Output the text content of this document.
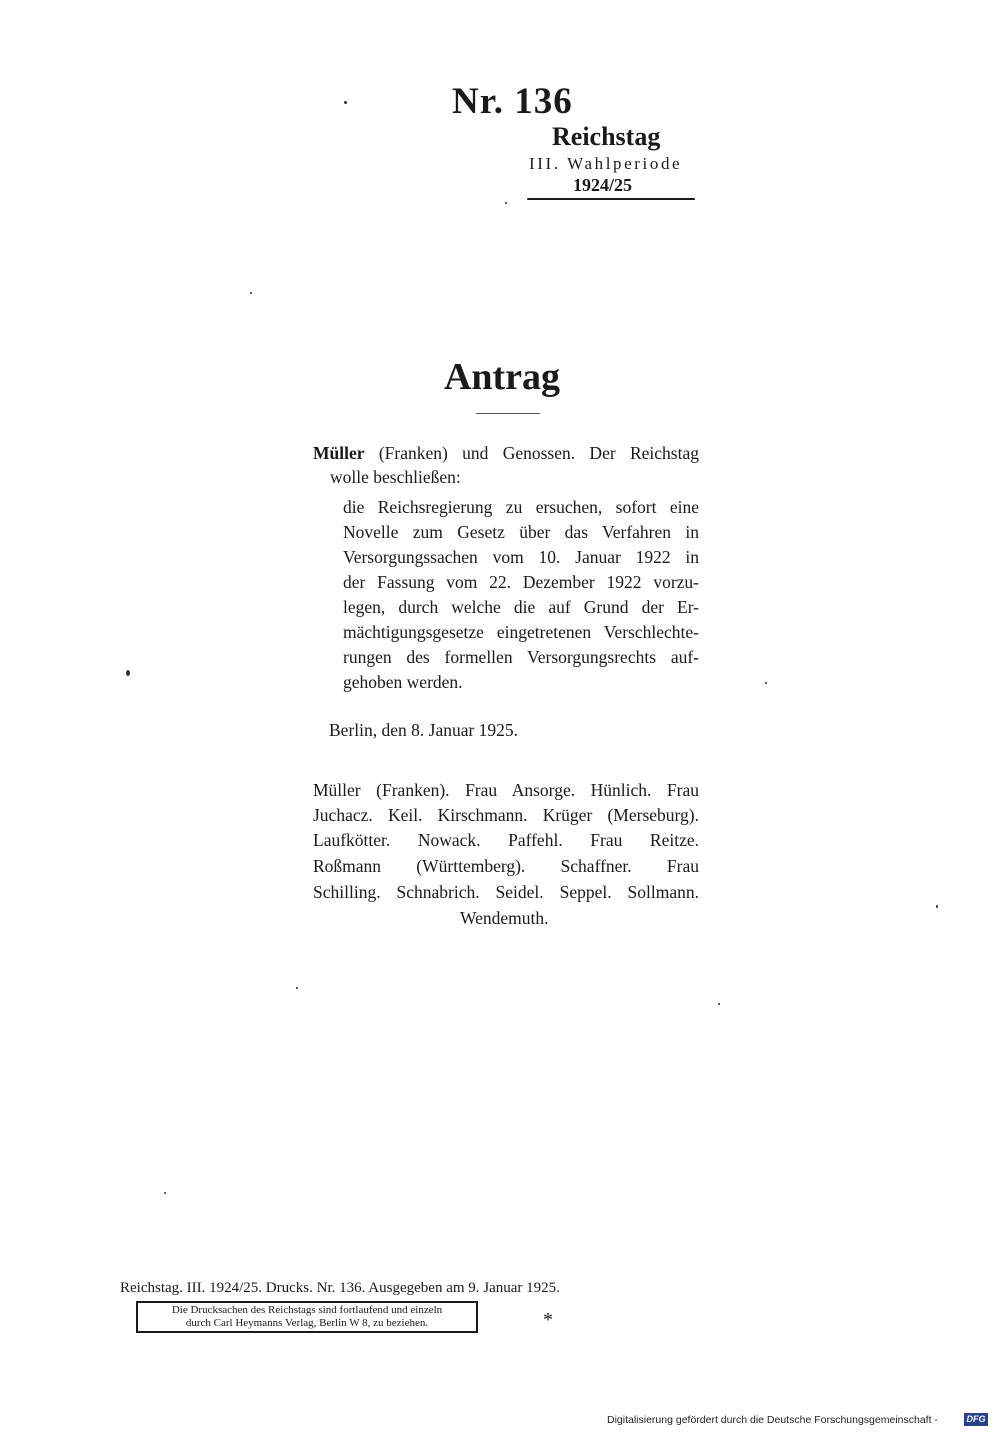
Nr. 136
Reichstag
III. Wahlperiode
1924/25
Antrag
Müller (Franken) und Genossen. Der Reichstag
wolle beschließen:
die Reichsregierung zu ersuchen, sofort eine
Novelle zum Gesetz über das Verfahren in
Versorgungssachen vom 10. Januar 1922 in
der Fassung vom 22. Dezember 1922 vorzu-
legen, durch welche die auf Grund der Er-
mächtigungsgesetze eingetretenen Verschlechte-
rungen des formellen Versorgungsrechts auf-
gehoben werden.
Berlin, den 8. Januar 1925.
Müller (Franken). Frau Ansorge. Hünlich. Frau
Juchacz. Keil. Kirschmann. Krüger (Merseburg).
Laufkötter. Nowack. Paffehl. Frau Reitze.
Roßmann (Württemberg). Schaffner. Frau
Schilling. Schnabrich. Seidel. Seppel. Sollmann.
Wendemuth.
Reichstag. III. 1924/25. Drucks. Nr. 136. Ausgegeben am 9. Januar 1925.
Die Drucksachen des Reichstags sind fortlaufend und einzeln
durch Carl Heymanns Verlag, Berlin W 8, zu beziehen.	*
Digitalisierung gefördert durch die Deutsche Forschungsgemeinschaft -	DFG
